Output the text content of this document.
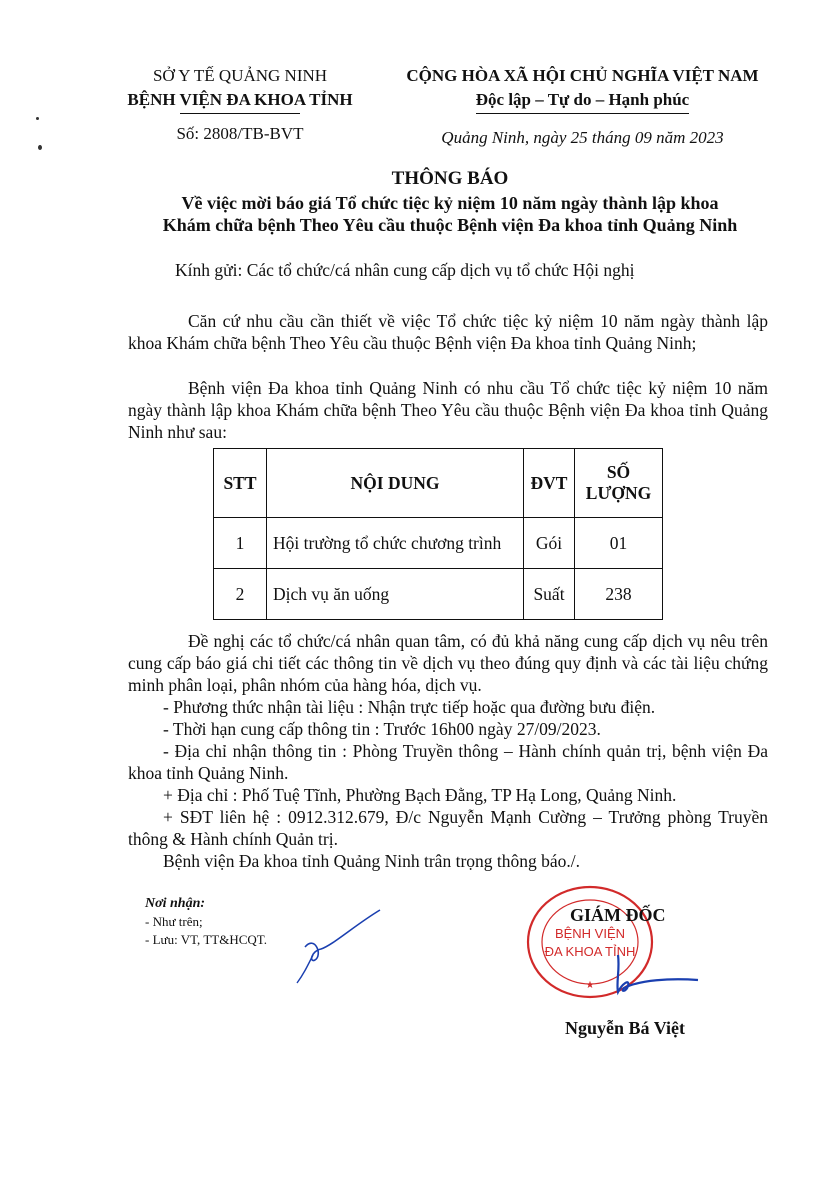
SỞ Y TẾ QUẢNG NINH
BỆNH VIỆN ĐA KHOA TỈNH
Số: 2808/TB-BVT
CỘNG HÒA XÃ HỘI CHỦ NGHĨA VIỆT NAM
Độc lập – Tự do – Hạnh phúc
Quảng Ninh, ngày 25 tháng 09 năm 2023
THÔNG BÁO
Về việc mời báo giá Tổ chức tiệc kỷ niệm 10 năm ngày thành lập khoa
Khám chữa bệnh Theo Yêu cầu thuộc Bệnh viện Đa khoa tỉnh Quảng Ninh
Kính gửi: Các tổ chức/cá nhân cung cấp dịch vụ tổ chức Hội nghị
Căn cứ nhu cầu cần thiết về việc Tổ chức tiệc kỷ niệm 10 năm ngày thành lập khoa Khám chữa bệnh Theo Yêu cầu thuộc Bệnh viện Đa khoa tỉnh Quảng Ninh;
Bệnh viện Đa khoa tỉnh Quảng Ninh có nhu cầu Tổ chức tiệc kỷ niệm 10 năm ngày thành lập khoa Khám chữa bệnh Theo Yêu cầu thuộc Bệnh viện Đa khoa tỉnh Quảng Ninh như sau:
STT	NỘI DUNG	ĐVT	SỐ LƯỢNG
1	Hội trường tổ chức chương trình	Gói	01
2	Dịch vụ ăn uống	Suất	238

Đề nghị các tổ chức/cá nhân quan tâm, có đủ khả năng cung cấp dịch vụ nêu trên cung cấp báo giá chi tiết các thông tin về dịch vụ theo đúng quy định và các tài liệu chứng minh phân loại, phân nhóm của hàng hóa, dịch vụ.

- Phương thức nhận tài liệu : Nhận trực tiếp hoặc qua đường bưu điện.

- Thời hạn cung cấp thông tin : Trước 16h00 ngày 27/09/2023.

- Địa chỉ nhận thông tin : Phòng Truyền thông – Hành chính quản trị, bệnh viện Đa khoa tỉnh Quảng Ninh.

+ Địa chỉ : Phố Tuệ Tĩnh, Phường Bạch Đằng, TP Hạ Long, Quảng Ninh.

+ SĐT liên hệ : 0912.312.679, Đ/c Nguyễn Mạnh Cường – Trưởng phòng Truyền thông & Hành chính Quản trị.

Bệnh viện Đa khoa tỉnh Quảng Ninh trân trọng thông báo./.

Nơi nhận:
- Như trên;
- Lưu: VT, TT&HCQT.	BỆNH VIỆN
ĐA KHOA TỈNH
★
GIÁM ĐỐC
Nguyễn Bá Việt
